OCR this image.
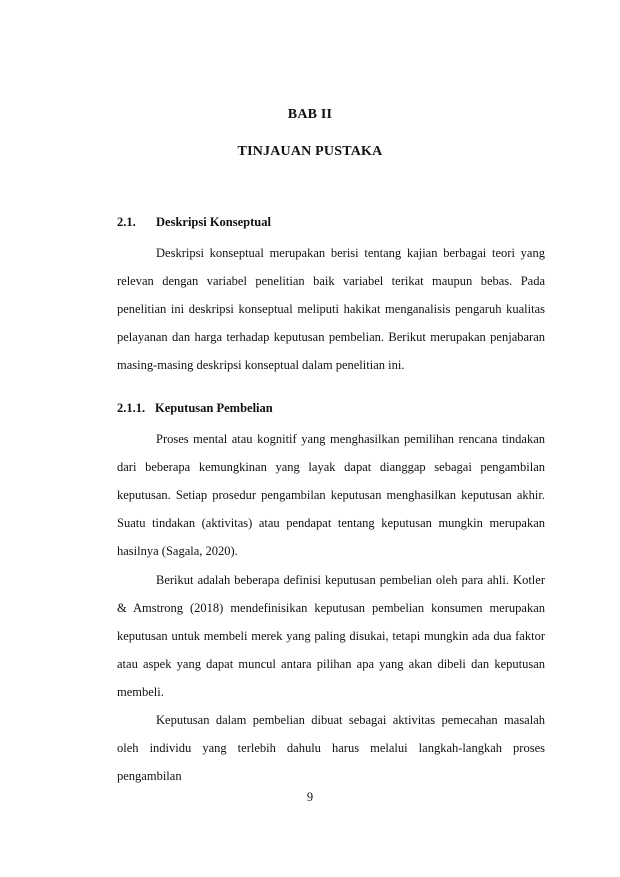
BAB II
TINJAUAN PUSTAKA
2.1. Deskripsi Konseptual

Deskripsi konseptual merupakan berisi tentang kajian berbagai teori yang relevan dengan variabel penelitian baik variabel terikat maupun bebas. Pada penelitian ini deskripsi konseptual meliputi hakikat menganalisis pengaruh kualitas pelayanan dan harga terhadap keputusan pembelian. Berikut merupakan penjabaran masing-masing deskripsi konseptual dalam penelitian ini.

2.1.1. Keputusan Pembelian

Proses mental atau kognitif yang menghasilkan pemilihan rencana tindakan dari beberapa kemungkinan yang layak dapat dianggap sebagai pengambilan keputusan. Setiap prosedur pengambilan keputusan menghasilkan keputusan akhir. Suatu tindakan (aktivitas) atau pendapat tentang keputusan mungkin merupakan hasilnya (Sagala, 2020).

Berikut adalah beberapa definisi keputusan pembelian oleh para ahli. Kotler & Amstrong (2018) mendefinisikan keputusan pembelian konsumen merupakan keputusan untuk membeli merek yang paling disukai, tetapi mungkin ada dua faktor atau aspek yang dapat muncul antara pilihan apa yang akan dibeli dan keputusan membeli.

Keputusan dalam pembelian dibuat sebagai aktivitas pemecahan masalah oleh individu yang terlebih dahulu harus melalui langkah-langkah proses pengambilan

9
